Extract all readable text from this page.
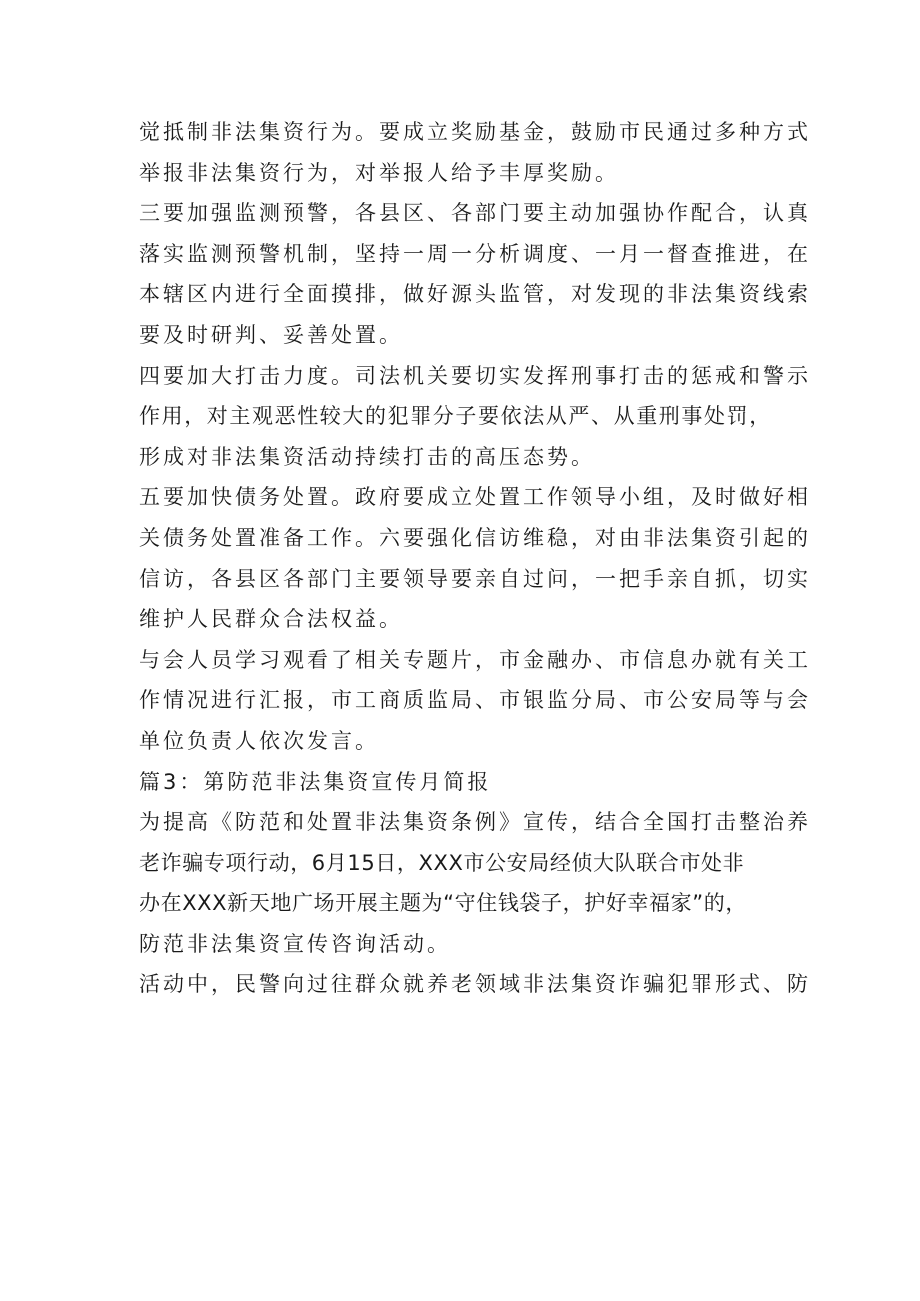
觉抵制非法集资行为。要成立奖励基金，鼓励市民通过多种方式
举报非法集资行为，对举报人给予丰厚奖励。
三要加强监测预警，各县区、各部门要主动加强协作配合，认真
落实监测预警机制，坚持一周一分析调度、一月一督查推进，在
本辖区内进行全面摸排，做好源头监管，对发现的非法集资线索
要及时研判、妥善处置。
四要加大打击力度。司法机关要切实发挥刑事打击的惩戒和警示
作用，对主观恶性较大的犯罪分子要依法从严、从重刑事处罚，
形成对非法集资活动持续打击的高压态势。
五要加快债务处置。政府要成立处置工作领导小组，及时做好相
关债务处置准备工作。六要强化信访维稳，对由非法集资引起的
信访，各县区各部门主要领导要亲自过问，一把手亲自抓，切实
维护人民群众合法权益。
与会人员学习观看了相关专题片，市金融办、市信息办就有关工
作情况进行汇报，市工商质监局、市银监分局、市公安局等与会
单位负责人依次发言。
篇3：第防范非法集资宣传月简报
为提高《防范和处置非法集资条例》宣传，结合全国打击整治养
老诈骗专项行动，6月15日，XXX市公安局经侦大队联合市处非
办在XXX新天地广场开展主题为“守住钱袋子，护好幸福家”的，
防范非法集资宣传咨询活动。
活动中，民警向过往群众就养老领域非法集资诈骗犯罪形式、防
